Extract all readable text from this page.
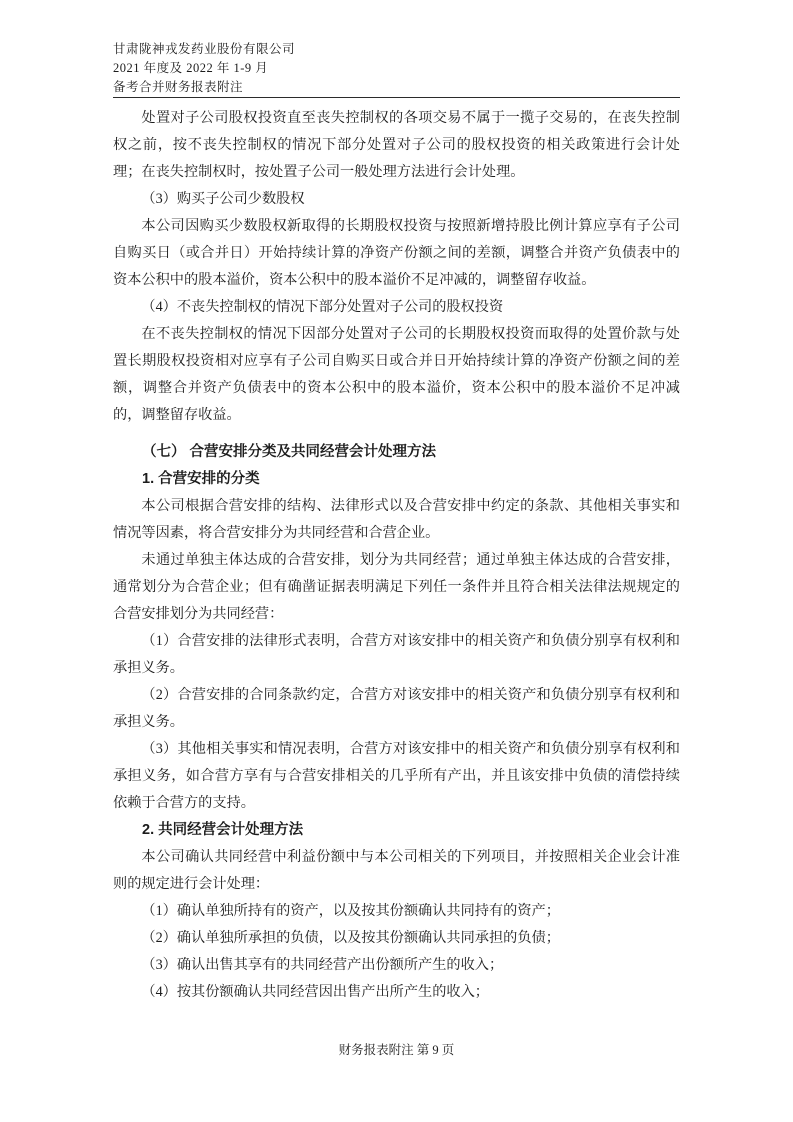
甘肃陇神戎发药业股份有限公司
2021 年度及 2022 年 1-9 月
备考合并财务报表附注

处置对子公司股权投资直至丧失控制权的各项交易不属于一揽子交易的，在丧失控制权之前，按不丧失控制权的情况下部分处置对子公司的股权投资的相关政策进行会计处理；在丧失控制权时，按处置子公司一般处理方法进行会计处理。

（3）购买子公司少数股权

本公司因购买少数股权新取得的长期股权投资与按照新增持股比例计算应享有子公司自购买日（或合并日）开始持续计算的净资产份额之间的差额，调整合并资产负债表中的资本公积中的股本溢价，资本公积中的股本溢价不足冲减的，调整留存收益。

（4）不丧失控制权的情况下部分处置对子公司的股权投资

在不丧失控制权的情况下因部分处置对子公司的长期股权投资而取得的处置价款与处置长期股权投资相对应享有子公司自购买日或合并日开始持续计算的净资产份额之间的差额，调整合并资产负债表中的资本公积中的股本溢价，资本公积中的股本溢价不足冲减的，调整留存收益。

（七） 合营安排分类及共同经营会计处理方法

1. 合营安排的分类

本公司根据合营安排的结构、法律形式以及合营安排中约定的条款、其他相关事实和情况等因素，将合营安排分为共同经营和合营企业。

未通过单独主体达成的合营安排，划分为共同经营；通过单独主体达成的合营安排，通常划分为合营企业；但有确凿证据表明满足下列任一条件并且符合相关法律法规规定的合营安排划分为共同经营：

（1）合营安排的法律形式表明，合营方对该安排中的相关资产和负债分别享有权利和承担义务。

（2）合营安排的合同条款约定，合营方对该安排中的相关资产和负债分别享有权利和承担义务。

（3）其他相关事实和情况表明，合营方对该安排中的相关资产和负债分别享有权利和承担义务，如合营方享有与合营安排相关的几乎所有产出，并且该安排中负债的清偿持续依赖于合营方的支持。

2. 共同经营会计处理方法

本公司确认共同经营中利益份额中与本公司相关的下列项目，并按照相关企业会计准则的规定进行会计处理：

（1）确认单独所持有的资产，以及按其份额确认共同持有的资产；

（2）确认单独所承担的负债，以及按其份额确认共同承担的负债；

（3）确认出售其享有的共同经营产出份额所产生的收入；

（4）按其份额确认共同经营因出售产出所产生的收入；

财务报表附注 第 9 页
